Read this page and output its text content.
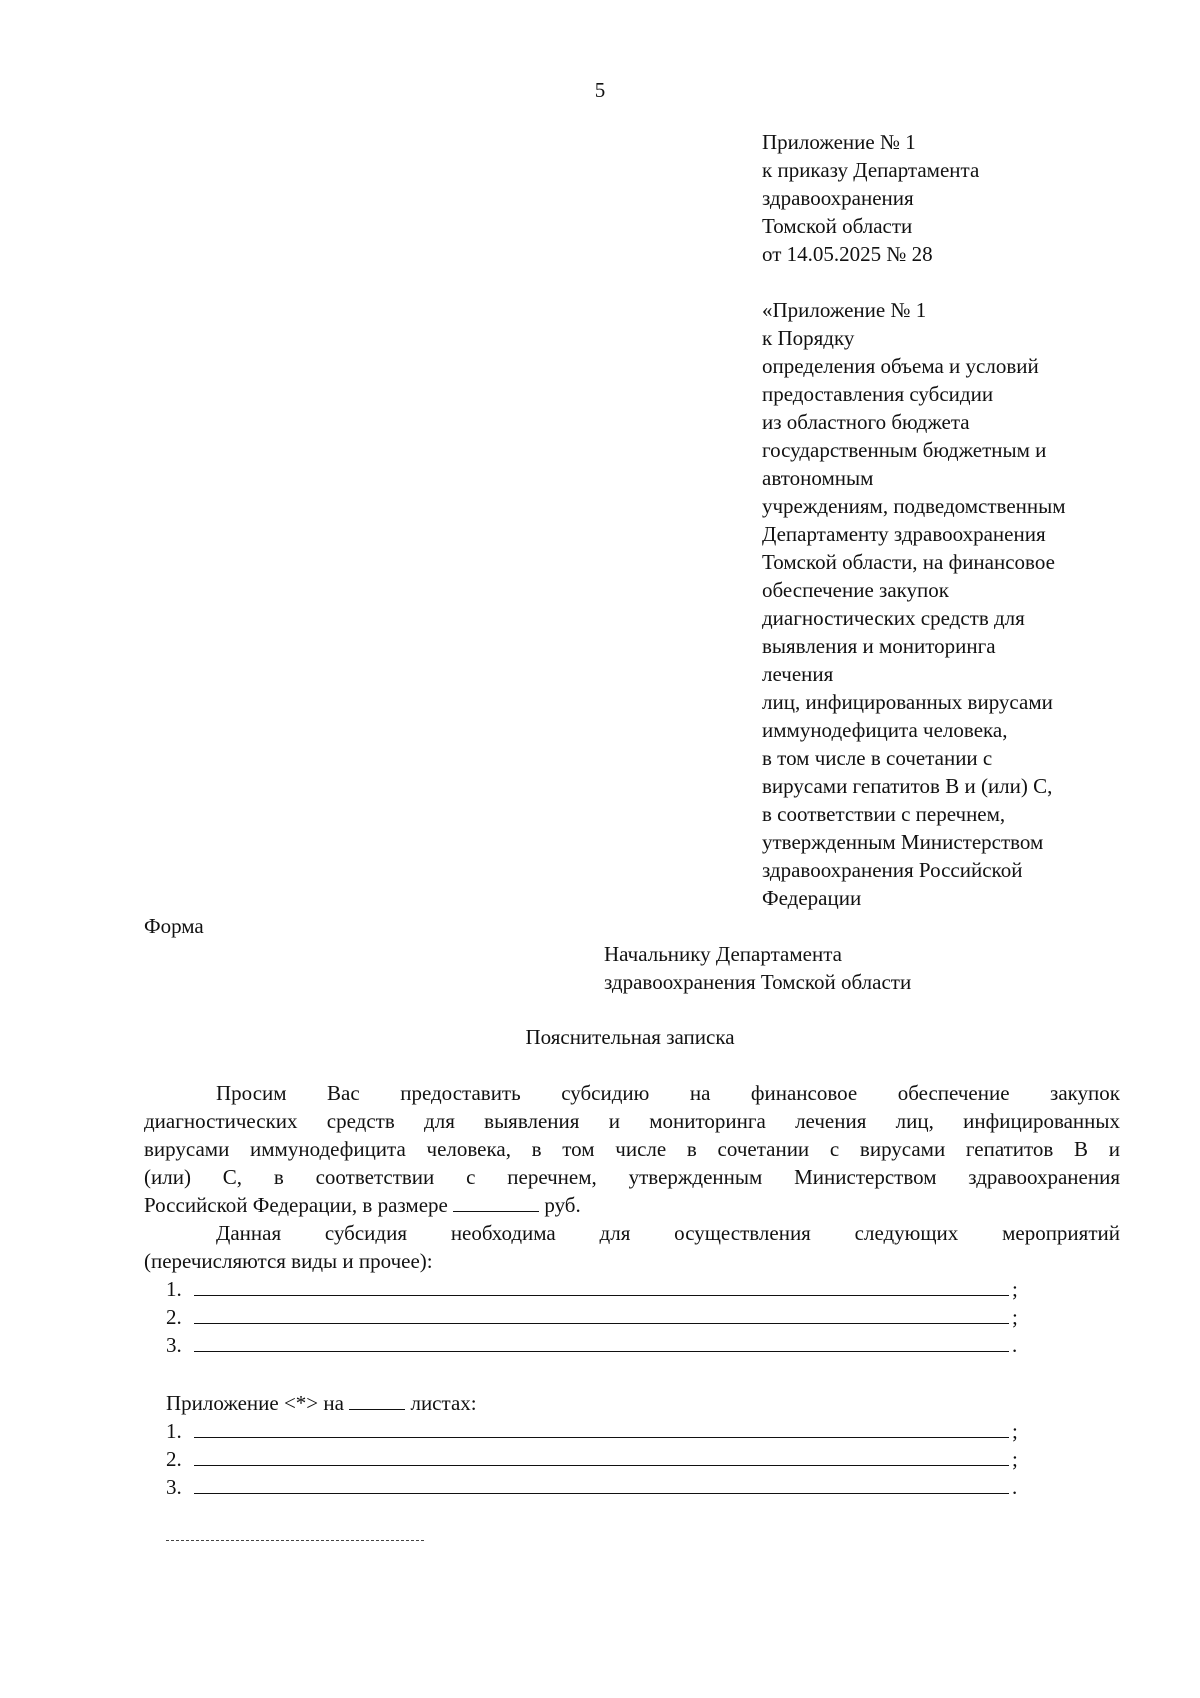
5
Приложение № 1
к приказу Департамента
здравоохранения
Томской области
от 14.05.2025 № 28
«Приложение № 1
к Порядку
определения объема и условий
предоставления субсидии
из областного бюджета
государственным бюджетным и
автономным
учреждениям, подведомственным
Департаменту здравоохранения
Томской области, на финансовое
обеспечение закупок
диагностических средств для
выявления и мониторинга
лечения
лиц, инфицированных вирусами
иммунодефицита человека,
в том числе в сочетании с
вирусами гепатитов B и (или) C,
в соответствии с перечнем,
утвержденным Министерством
здравоохранения Российской
Федерации
Форма
Начальнику Департамента
здравоохранения Томской области
Пояснительная записка
Просим Вас предоставить субсидию на финансовое обеспечение закупок
диагностических средств для выявления и мониторинга лечения лиц, инфицированных
вирусами иммунодефицита человека, в том числе в сочетании с вирусами гепатитов B и
(или) C, в соответствии с перечнем, утвержденным Министерством здравоохранения
Российской Федерации, в размере	руб.
Данная субсидия необходима для осуществления следующих мероприятий
(перечисляются виды и прочее):
1.	;
2.	;
3.	.
Приложение <*> на	листах:
1.	;
2.	;
3.	.
